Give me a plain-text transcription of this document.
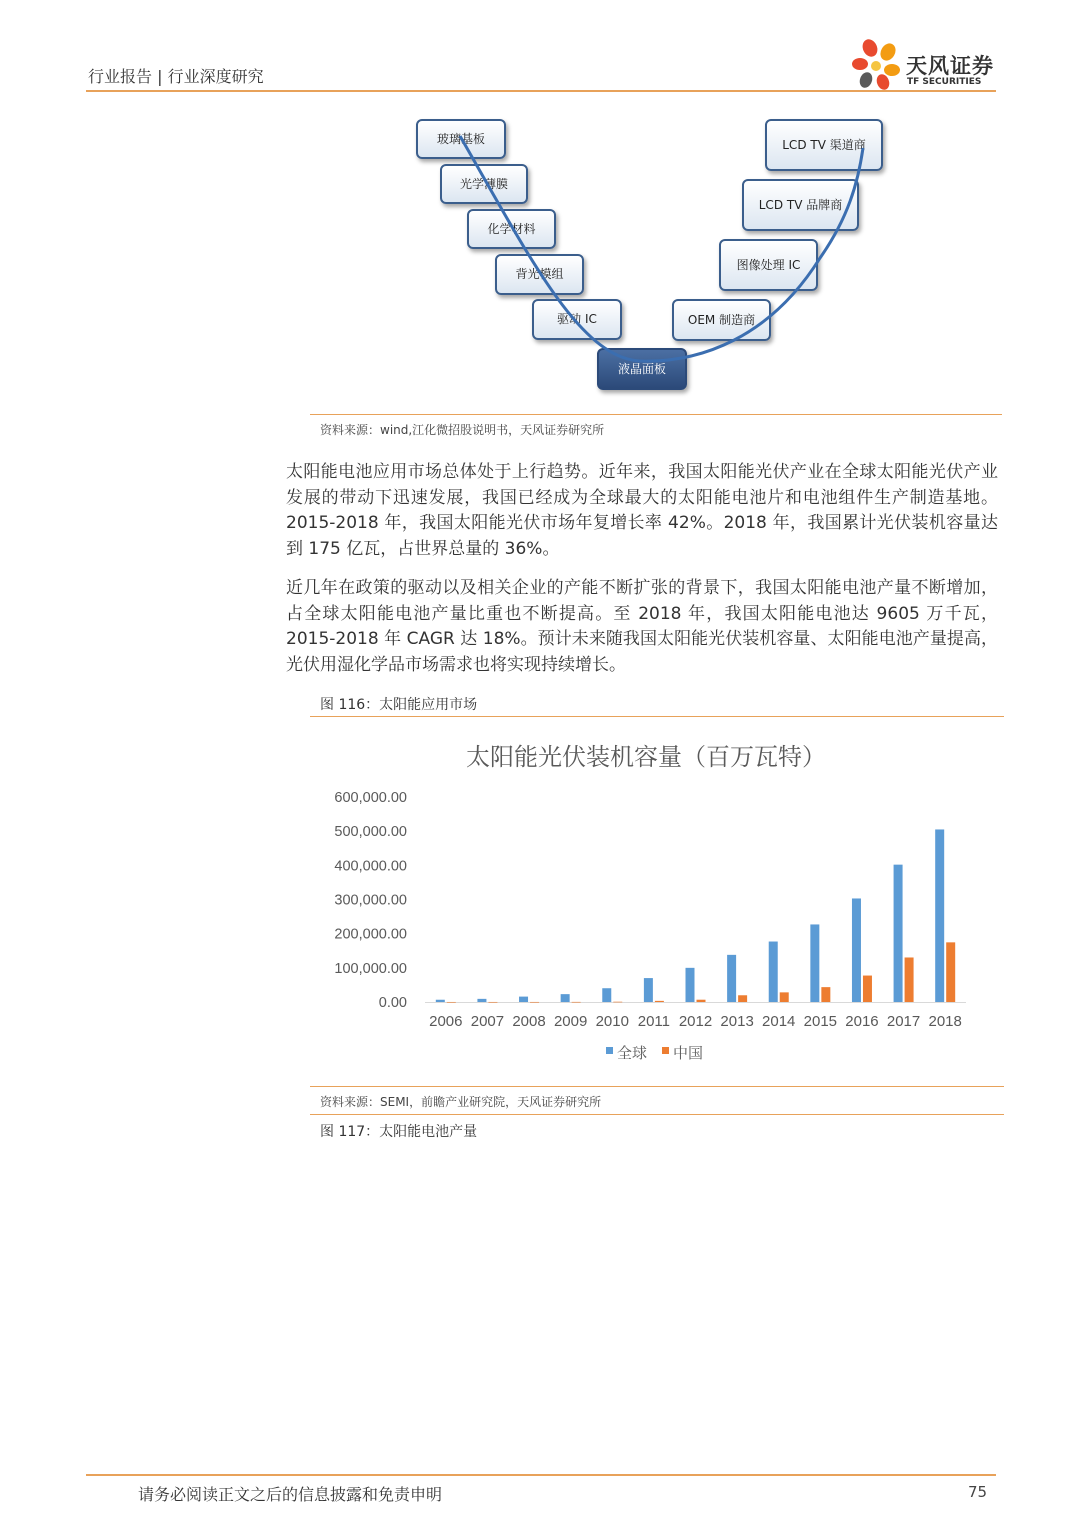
行业报告 | 行业深度研究	天风证券
TF SECURITIES
玻璃基板
光学薄膜
化学材料
背光模组
驱动 IC
液晶面板
OEM 制造商
图像处理 IC
LCD TV 品牌商
LCD TV 渠道商
资料来源：wind,江化微招股说明书，天风证券研究所
太阳能电池应用市场总体处于上行趋势。近年来，我国太阳能光伏产业在全球太阳能光伏产业发展的带动下迅速发展，我国已经成为全球最大的太阳能电池片和电池组件生产制造基地。2015-2018 年，我国太阳能光伏市场年复增长率 42%。2018 年，我国累计光伏装机容量达到 175 亿瓦，占世界总量的 36%。
近几年在政策的驱动以及相关企业的产能不断扩张的背景下，我国太阳能电池产量不断增加，占全球太阳能电池产量比重也不断提高。至 2018 年，我国太阳能电池达 9605 万千瓦，2015-2018 年 CAGR 达 18%。预计未来随我国太阳能光伏装机容量、太阳能电池产量提高，光伏用湿化学品市场需求也将实现持续增长。
图 116：太阳能应用市场
太阳能光伏装机容量（百万瓦特）
0.00
100,000.00
200,000.00
300,000.00
400,000.00
500,000.00
600,000.00
2006 2007 2008 2009 2010 2011 2012 2013 2014 2015 2016 2017 2018
全球 中国
资料来源：SEMI，前瞻产业研究院，天风证券研究所
图 117：太阳能电池产量
请务必阅读正文之后的信息披露和免责申明	75
